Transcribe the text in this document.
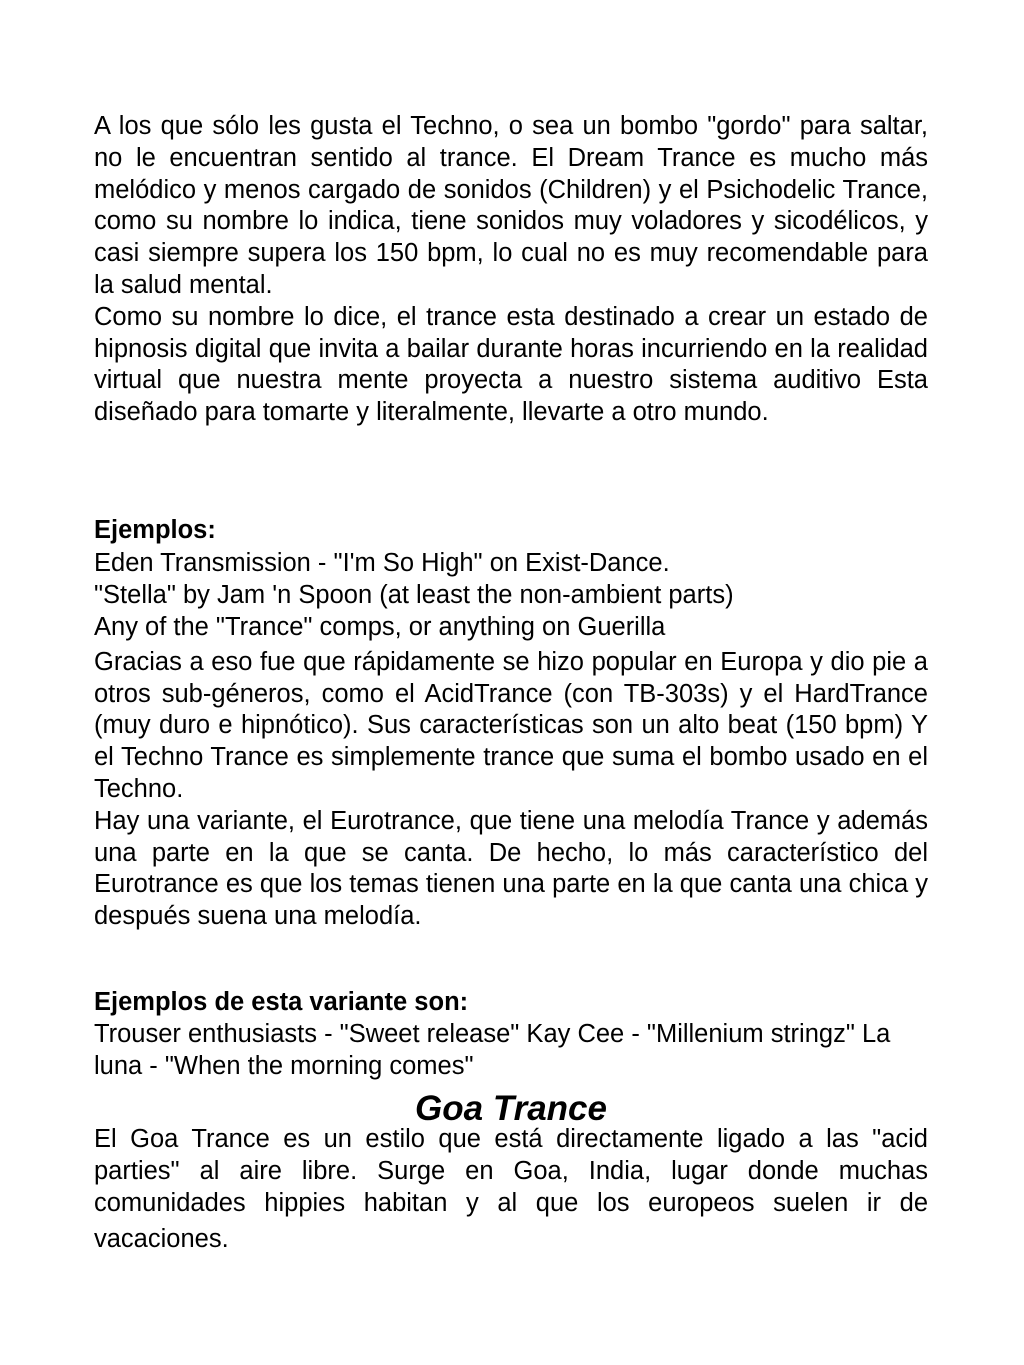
A los que sólo les gusta el Techno, o sea un bombo "gordo" para saltar, no le encuentran sentido al trance. El Dream Trance es mucho más melódico y menos cargado de sonidos (Children) y el Psichodelic Trance, como su nombre lo indica, tiene sonidos muy voladores y sicodélicos, y casi siempre supera los 150 bpm, lo cual no es muy recomendable para la salud mental.

Como su nombre lo dice, el trance esta destinado a crear un estado de hipnosis digital que invita a bailar durante horas incurriendo en la realidad virtual que nuestra mente proyecta a nuestro sistema auditivo Esta diseñado para tomarte y literalmente, llevarte a otro mundo.

Ejemplos:

Eden Transmission - "I'm So High" on Exist-Dance.

"Stella" by Jam 'n Spoon (at least the non-ambient parts)

Any of the "Trance" comps, or anything on Guerilla

Gracias a eso fue que rápidamente se hizo popular en Europa y dio pie a otros sub-géneros, como el AcidTrance (con TB-303s) y el HardTrance (muy duro e hipnótico). Sus características son un alto beat (150 bpm) Y el Techno Trance es simplemente trance que suma el bombo usado en el Techno.

Hay una variante, el Eurotrance, que tiene una melodía Trance y además una parte en la que se canta. De hecho, lo más característico del Eurotrance es que los temas tienen una parte en la que canta una chica y después suena una melodía.

Ejemplos de esta variante son:

Trouser enthusiasts - "Sweet release" Kay Cee - "Millenium stringz" La

luna - "When the morning comes"

Goa Trance

El Goa Trance es un estilo que está directamente ligado a las "acid parties" al aire libre. Surge en Goa, India, lugar donde muchas comunidades hippies habitan y al que los europeos suelen ir de

vacaciones.
